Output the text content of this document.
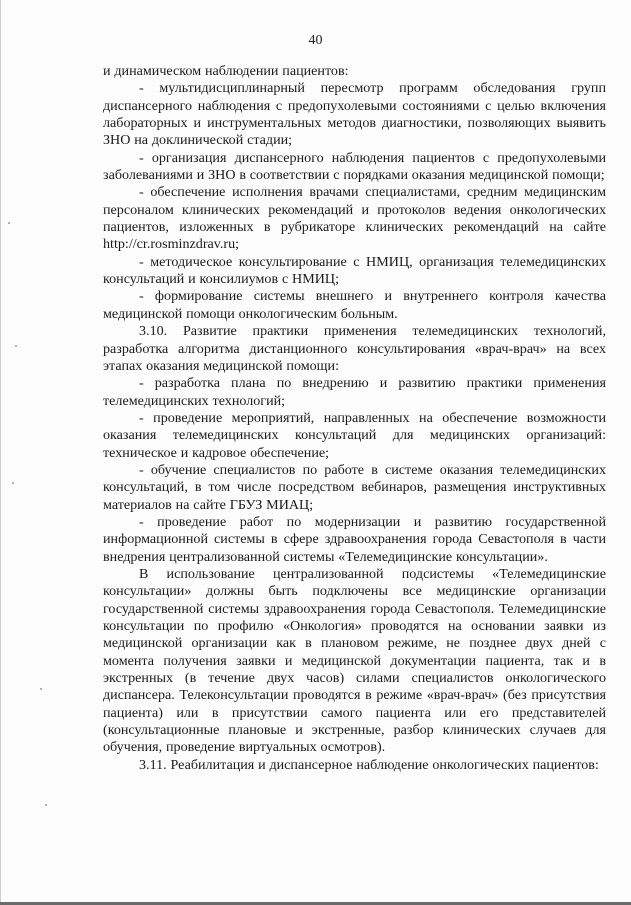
40

и динамическом наблюдении пациентов:

- мультидисциплинарный пересмотр программ обследования групп диспансерного наблюдения с предопухолевыми состояниями с целью включения лабораторных и инструментальных методов диагностики, позволяющих выявить ЗНО на доклинической стадии;

- организация диспансерного наблюдения пациентов с предопухолевыми заболеваниями и ЗНО в соответствии с порядками оказания медицинской помощи;

- обеспечение исполнения врачами специалистами, средним медицинским персоналом клинических рекомендаций и протоколов ведения онкологических пациентов, изложенных в рубрикаторе клинических рекомендаций на сайте http://cr.rosminzdrav.ru;

- методическое консультирование с НМИЦ, организация телемедицинских консультаций и консилиумов с НМИЦ;

- формирование системы внешнего и внутреннего контроля качества медицинской помощи онкологическим больным.

3.10. Развитие практики применения телемедицинских технологий, разработка алгоритма дистанционного консультирования «врач-врач» на всех этапах оказания медицинской помощи:

- разработка плана по внедрению и развитию практики применения телемедицинских технологий;

- проведение мероприятий, направленных на обеспечение возможности оказания телемедицинских консультаций для медицинских организаций: техническое и кадровое обеспечение;

- обучение специалистов по работе в системе оказания телемедицинских консультаций, в том числе посредством вебинаров, размещения инструктивных материалов на сайте ГБУЗ МИАЦ;

- проведение работ по модернизации и развитию государственной информационной системы в сфере здравоохранения города Севастополя в части внедрения централизованной системы «Телемедицинские консультации».

В использование централизованной подсистемы «Телемедицинские консультации» должны быть подключены все медицинские организации государственной системы здравоохранения города Севастополя. Телемедицинские консультации по профилю «Онкология» проводятся на основании заявки из медицинской организации как в плановом режиме, не позднее двух дней с момента получения заявки и медицинской документации пациента, так и в экстренных (в течение двух часов) силами специалистов онкологического диспансера. Телеконсультации проводятся в режиме «врач-врач» (без присутствия пациента) или в присутствии самого пациента или его представителей (консультационные плановые и экстренные, разбор клинических случаев для обучения, проведение виртуальных осмотров).

3.11. Реабилитация и диспансерное наблюдение онкологических пациентов:
